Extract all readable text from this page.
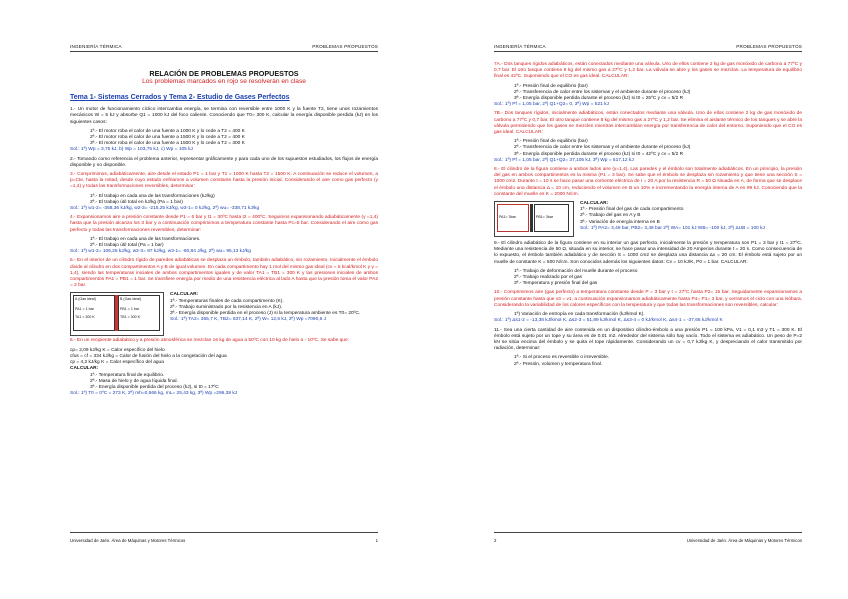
INGENIERÍA TÉRMICA	PROBLEMAS PROPUESTOS
RELACIÓN DE PROBLEMAS PROPUESTOS
Los problemas marcados en rojo se resolverán en clase
Tema 1- Sistemas Cerrados y Tema 2- Estudio de Gases Perfectos

1.- Un motor de funcionamiento cíclico intercambia energía, se termina con reversible entre 1000 K y la fuente T2, tiene unos rozamientos mecánicos W = 5 kJ y absorbe Q1 = 1000 kJ del foco caliente. Conociendo que T0= 300 K, calcular la energía disponible perdida (kJ) en los siguientes casos:

1ª.- El motor roba el calor de una fuente a 1000 K y lo cede a T2 = 400 K
2ª.- El motor roba el calor de una fuente a 1500 K y lo cede a T2 = 400 K
3ª.- El motor roba el calor de una fuente a 1500 K y lo cede a T2 = 300 K

Sol.: 1ª) Wp = 3,75 kJ, b) Wp = 103,75 kJ, c) Wp = 105 kJ

2.- Tomando como referencia el problema anterior, representar gráficamente y para cada uno de los supuestos estudiados, los flujos de energía disponible y no disponible.

3.- Comprimimos, adiabáticamente, aire desde el estado P1 = 1 bar y T1 = 1000 K hasta T2 = 1500 K. A continuación se reduce el volumen, a p=Cte, hasta la mitad, desde cuyo estado enfriamos a volumen constante hasta la presión inicial. Considerando el aire como gas perfecto (γ =1,4) y todas las transformaciones reversibles, determinar:

1ª.- El trabajo en cada una de las transformaciones (kJ/kg)
2ª.- El trabajo útil total en kJ/kg (Pa = 1 bar)

Sol.: 1ª) w1-2= -358,36 kJ/kg, w2-3= -215,25 kJ/kg, w3-1= 0 kJ/kg, 2ª) wu= -338,71 kJ/kg

4.- Expansionamos aire a presión constante desde P1 = 6 bar y t1 = 30ºC hasta t2 = 400ºC. Seguimos expansionando adiabáticamente (γ =1,4) hasta que la presión alcanza los 3 bar y a continuación comprimimos a temperatura constante hasta Pc=5 bar. Considerando el aire como gas perfecto y todas las transformaciones reversibles, determinar:

1ª.- El trabajo en cada una de las transformaciones.
2ª.- El trabajo útil total (Pa = 1 bar)

Sol.: 1ª) w1-2= 106,26 kJ/kg, w2-3= 87 kJ/kg, w3-1= -60,84 J/kg, 2ª) wu= 95,13 kJ/kg

5.- En el interior de un cilindro rígido de paredes adiabáticas se desplaza un émbolo, también adiabático, sin rozamiento. Inicialmente el émbolo divide al cilindro en dos compartimentos A y B de igual volumen. En cada compartimento hay 1 mol del mismo gas ideal (cv = 5 kcal/kmol K y γ = 1,4), siendo las temperaturas iniciales de ambos compartimentos iguales y de valor TA1 = TB1 = 300 K y las presiones iniciales de ambos compartimentos PA1 = PB1 = 1 bar. Se transfiere energía por medio de una resistencia eléctrica al lado A hasta que la presión toma el valor PA2 = 2 bar.

A (Gas ideal)
PA1 = 1 bar
TA1 = 300 K
B (Gas ideal)
PB1 = 1 bar
TB1 = 300 K
CALCULAR:
1ª.- Temperaturas finales de cada compartimento (K).
2ª.- Trabajo suministrado por la resistencia en A (kJ).
3ª.- Energía disponible perdida en el proceso (J) si la temperatura ambiente es T0= 20ºC.
Sol.: 1ª) TA2= 365,7 K, TB2= 837,14 K, 2ª) W= 12,6 kJ, 3ª) Wp =7090,6 J

6.- En un recipiente adiabático y a presión atmosférica se mezclan 16 kg de agua a 50ºC con 10 kg de hielo a - 10ºC. Se sabe que:

cp= 2,09 kJ/kg K = Calor específico del hielo
cfus = cf = 334 kJ/kg = Calor de fusión del hielo a la congelación del agua
cp = 4,2 kJ/kg K = Calor específico del agua
CALCULAR:
1ª.- Temperatura final de equilibrio.
2ª.- Masa de hielo y de agua líquida final.
3ª.- Energía disponible perdida del proceso (kJ), si t0 = 17ºC

Sol.: 1ª) T0 = 0ºC = 273 K, 2ª) mh=0,566 kg, mL= 25,43 kg, 3ª) Wp =296,38 kJ

Universidad de Jaén. Área de Máquinas y Motores Térmicos	1
INGENIERÍA TÉRMICA	PROBLEMAS PROPUESTOS

7A.- Dos tanques rígidos adiabáticos, están conectados mediante una válvula. Uno de ellos contiene 2 kg de gas monóxido de carbono a 77ºC y 0,7 bar. El otro tanque contiene 8 kg del mismo gas a 27ºC y 1,2 bar. La válvula se abre y los gases se mezclan. La temperatura de equilibrio final es 42ºC. Suponiendo que el CO es gas ideal. CALCULAR:

1ª.- Presión final de equilibrio (bar)
2ª.- Transferencia de calor entre los sistemas y el ambiente durante el proceso (kJ)
3ª.- Energía disponible perdida durante el proceso (kJ) si t0 = 25ºC y cv = 5/2 R

Sol.: 1ª) Pf = 1,05 bar, 2ª) Q1+Q2= 0, 3ª) Wp = 521 kJ

7B.- Dos tanques rígidos, inicialmente adiabáticos, están conectados mediante una válvula. Uno de ellos contiene 2 kg de gas monóxido de carbono a 77ºC y 0,7 bar. El otro tanque contiene 8 kg del mismo gas a 27ºC y 1,2 bar. Se elimina el aislante térmico de los tanques y se abre la válvula permitiendo que los gases se mezclen mientras intercambian energía por transferencia de calor del entorno. Suponiendo que el CO es gas ideal. CALCULAR:

1ª.- Presión final de equilibrio (bar)
2ª.- Transferencia de calor entre los sistemas y el ambiente durante el proceso (kJ)
3ª.- Energía disponible perdida durante el proceso (kJ) si t0 = 42ºC y cv = 5/2 R

Sol.: 1ª) Pf = 1,05 bar, 2ª) Q1+Q2= 37,105 kJ, 3ª) Wp = 517,12 kJ

8.- El cilindro de la figura contiene a ambos lados aire (γ=1,4). Las paredes y el émbolo son totalmente adiabáticos. En un principio, la presión del gas en ambos compartimentos es la misma (P1 = 3 bar). Se sabe que el émbolo se desplaza sin rozamiento y que tiene una sección S = 1000 cm2. Durante t = 10 s se hace pasar una corriente eléctrica de I = 20 A por la resistencia R = 50 Ω situada en A, de forma que se desplace el émbolo una distancia Δ = 10 cm, reduciendo el volumen en B un 10% e incrementando la energía interna de A en 99 kJ. Conociendo que la constante del muelle es K = 2000 N/cm.

PA1= 3bar	PB1= 3bar
CALCULAR:
1ª.- Presión final del gas de cada compartimento
2ª.- Trabajo del gas en A y B
3ª.- Variación de energía interna en B
Sol.: 1ª) PA2= 3,48 bar, PB2= 3,48 bar 2ª) WA= 101 kJ WB= -100 kJ, 3ª) ΔUB = 100 kJ

9.- El cilindro adiabático de la figura contiene en su interior un gas perfecto, inicialmente la presión y temperatura son P1 = 3 bar y t1 = 27ºC. Mediante una resistencia de 50 Ω, situada en su interior, se hace pasar una intensidad de 20 Amperios durante t = 20 s. Como consecuencia de lo expuesto, el émbolo también adiabático y de sección S = 1000 cm2 se desplaza una distancia Δx = 20 cm. El émbolo está sujeto por un muelle de constante K = 500 N/cm. Son conocidos además los siguientes datos: Cv = 10 kJ/K, P0 = 1 bar. CALCULAR:

1ª.- Trabajo de deformación del muelle durante el proceso
2ª.- Trabajo realizado por el gas
3ª.- Temperatura y presión final del gas

10.- Comprimimos aire (gas perfecto) a temperatura constante desde P = 3 bar y t = 27ºC hasta P2= 15 bar. Seguidamente expansionamos a presión constante hasta que v3 = v1, a continuación expansionamos adiabáticamente hasta P4= P1= 3 bar, y cerramos el ciclo con una isóbara. Considerando la variabilidad de los calores específicos con la temperatura y que todas las transformaciones son reversibles, calcular:

1ª) Variación de entropía en cada transformación (kJ/kmol K).

Sol.: 1ª) Δs1-2 = -13,38 kJ/kmol K, Δs2-3 = 51,89 kJ/kmol K, Δs3-4 = 0 kJ/kmol K, Δs4-1 = -37,66 kJ/kmol K

11.- Sea una cierta cantidad de aire contenida en un dispositivo cilindro-émbolo a una presión P1 = 100 kPa, V1 = 0,1 m3 y T1 = 300 K. El émbolo está sujeto por un tope y su área es de 0,01 m2. Alrededor del sistema sólo hay vacío. Todo el sistema es adiabático. Un peso de P=2 kN se sitúa encima del émbolo y se quita el tope rápidamente. Considerando un cv = 0,7 kJ/kg K, y despreciando el calor transmitido por radiación, determinar:

1ª.- Si el proceso es reversible o irreversible.
2ª.- Presión, volumen y temperatura final.
2	Universidad de Jaén. Área de Máquinas y Motores Térmicos
